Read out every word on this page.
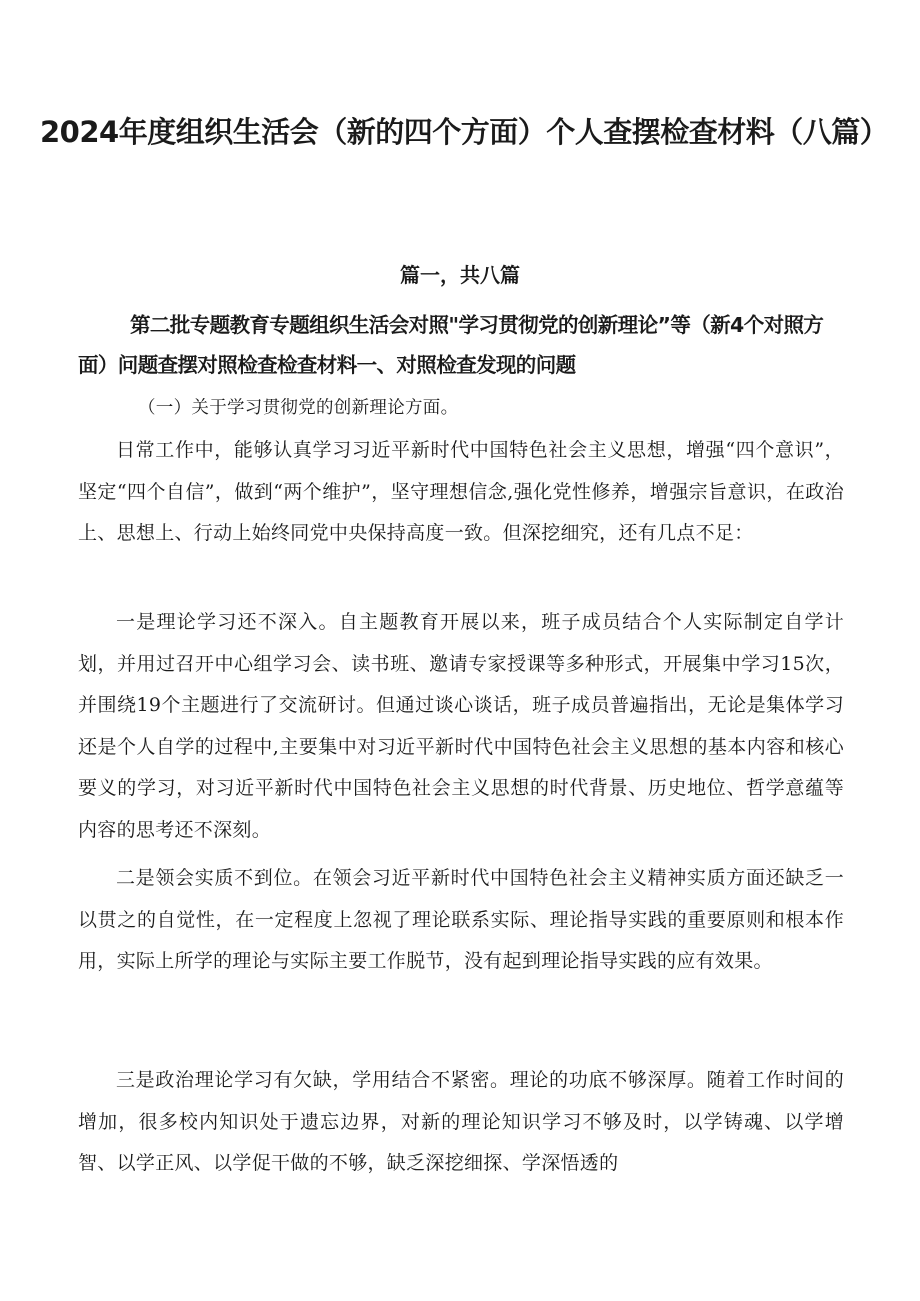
2024年度组织生活会（新的四个方面）个人查摆检查材料（八篇）
篇一，共八篇
第二批专题教育专题组织生活会对照"学习贯彻党的创新理论”等（新4个对照方面）问题查摆对照检查检查材料一、对照检查发现的问题
（一）关于学习贯彻党的创新理论方面。
日常工作中，能够认真学习习近平新时代中国特色社会主义思想，增强“四个意识”，坚定“四个自信”，做到“两个维护”，坚守理想信念,强化党性修养，增强宗旨意识，在政治上、思想上、行动上始终同党中央保持高度一致。但深挖细究，还有几点不足：
一是理论学习还不深入。自主题教育开展以来，班子成员结合个人实际制定自学计划，并用过召开中心组学习会、读书班、邀请专家授课等多种形式，开展集中学习15次，并围绕19个主题进行了交流研讨。但通过谈心谈话，班子成员普遍指出，无论是集体学习还是个人自学的过程中,主要集中对习近平新时代中国特色社会主义思想的基本内容和核心要义的学习，对习近平新时代中国特色社会主义思想的时代背景、历史地位、哲学意蕴等内容的思考还不深刻。
二是领会实质不到位。在领会习近平新时代中国特色社会主义精神实质方面还缺乏一以贯之的自觉性，在一定程度上忽视了理论联系实际、理论指导实践的重要原则和根本作用，实际上所学的理论与实际主要工作脱节，没有起到理论指导实践的应有效果。
三是政治理论学习有欠缺，学用结合不紧密。理论的功底不够深厚。随着工作时间的增加，很多校内知识处于遗忘边界，对新的理论知识学习不够及时，以学铸魂、以学增智、以学正风、以学促干做的不够，缺乏深挖细探、学深悟透的
